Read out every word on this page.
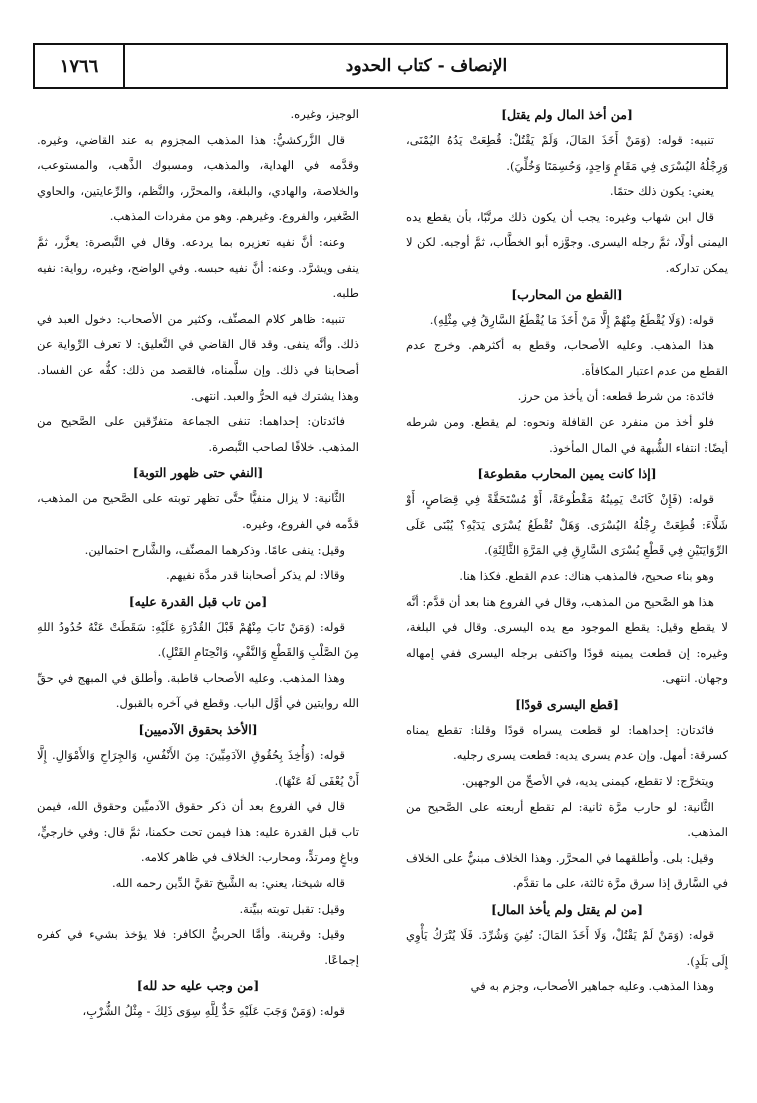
١٧٦٦	الإنصاف - كتاب الحدود
[من أخذ المال ولم يقتل]

تنبيه: قوله: (وَمَنْ أَخَذَ المَالَ، وَلَمْ يَقْتُلْ: قُطِعَتْ يَدُهُ اليُمْنَى، وَرِجْلُهُ اليُسْرَى فِي مَقَامٍ وَاحِدٍ، وَحُسِمَتَا وَخُلِّيَ).

يعني: يكون ذلك حتمًا.

قال ابن شهاب وغيره: يجب أن يكون ذلك مرتَّبًا، بأن يقطع يده اليمنى أولًا، ثمَّ رجله اليسرى. وجوَّزه أبو الخطَّاب، ثمَّ أوجبه. لكن لا يمكن تداركه.

[القطع من المحارب]

قوله: (وَلَا يُقْطَعُ مِنْهُمْ إِلَّا مَنْ أَخَذَ مَا يُقْطَعُ السَّارِقُ فِي مِثْلِهِ).

هذا المذهب. وعليه الأصحاب، وقطع به أكثرهم. وخرج عدم القطع من عدم اعتبار المكافأة.

فائدة: من شرط قطعه: أن يأخذ من حرز.

فلو أخذ من منفرد عن القافلة ونحوه: لم يقطع. ومن شرطه أيضًا: انتفاء الشُّبهة في المال المأخوذ.

[إذا كانت يمين المحارب مقطوعة]

قوله: (فَإِنْ كَانَتْ يَمِينُهُ مَقْطُوعَةً، أَوْ مُسْتَحَقَّةً فِي قِصَاصٍ، أَوْ شَلَّاءَ: قُطِعَتْ رِجْلُهُ اليُسْرَى. وَهَلْ تُقْطَعُ يُسْرَى يَدَيْهِ؟ يُبْنَى عَلَى الرِّوَايَتَيْنِ فِي قَطْعِ يُسْرَى السَّارِقِ فِي المَرَّةِ الثَّالِثَةِ).

وهو بناء صحيح، فالمذهب هناك: عدم القطع. فكذا هنا.

هذا هو الصَّحيح من المذهب، وقال في الفروع هنا بعد أن قدَّم: أنَّه لا يقطع وقيل: يقطع الموجود مع يده اليسرى. وقال في البلغة، وغيره: إن قطعت يمينه قودًا واكتفى برجله اليسرى ففي إمهاله وجهان. انتهى.

[قطع اليسرى قودًا]

فائدتان: إحداهما: لو قطعت يسراه قودًا وقلنا: تقطع يمناه كسرقة: أمهل. وإن عدم يسرى يديه: قطعت يسرى رجليه.

ويتخرَّج: لا تقطع، كيمنى يديه، في الأصحِّ من الوجهين.

الثَّانية: لو حارب مرَّة ثانية: لم تقطع أربعته على الصَّحيح من المذهب.

وقيل: بلى. وأطلقهما في المحرَّر. وهذا الخلاف مبنيٌّ على الخلاف في السَّارق إذا سرق مرَّة ثالثة، على ما تقدَّم.

[من لم يقتل ولم يأخذ المال]

قوله: (وَمَنْ لَمْ يَقْتُلْ، وَلَا أَخَذَ المَالَ: نُفِيَ وَشُرِّدَ. فَلَا يُتْرَكُ يَأْوِي إِلَى بَلَدٍ).

وهذا المذهب. وعليه جماهير الأصحاب، وجزم به في

الوجيز، وغيره.

قال الزَّركشيُّ: هذا المذهب المجزوم به عند القاضي، وغيره. وقدَّمه في الهداية، والمذهب، ومسبوك الذَّهب، والمستوعب، والخلاصة، والهادي، والبلغة، والمحرَّر، والنَّظم، والرِّعايتين، والحاوي الصَّغير، والفروع. وغيرهم. وهو من مفردات المذهب.

وعنه: أنَّ نفيه تعزيره بما يردعه. وقال في التَّبصرة: يعزَّر، ثمَّ ينفى ويشرَّد. وعنه: أنَّ نفيه حبسه. وفي الواضح، وغيره، رواية: نفيه طلبه.

تنبيه: ظاهر كلام المصنِّف، وكثير من الأصحاب: دخول العبد في ذلك. وأنَّه ينفى. وقد قال القاضي في التَّعليق: لا تعرف الرِّواية عن أصحابنا في ذلك. وإن سلَّمناه، فالقصد من ذلك: كفُّه عن الفساد. وهذا يشترك فيه الحرُّ والعبد. انتهى.

فائدتان: إحداهما: تنفى الجماعة متفرِّقين على الصَّحيح من المذهب. خلافًا لصاحب التَّبصرة.

[النفي حتى ظهور التوبة]

الثَّانية: لا يزال منفيًّا حتَّى تظهر توبته على الصَّحيح من المذهب، قدَّمه في الفروع، وغيره.

وقيل: ينفى عامًا. وذكرهما المصنِّف، والشَّارح احتمالين.

وقالا: لم يذكر أصحابنا قدر مدَّة نفيهم.

[من تاب قبل القدرة عليه]

قوله: (وَمَنْ تَابَ مِنْهُمْ قَبْلَ القُدْرَةِ عَلَيْهِ: سَقَطَتْ عَنْهُ حُدُودُ اللهِ مِنَ الصَّلْبِ وَالقَطْعِ وَالنَّفْيِ، وَانْحِتَامِ القَتْلِ).

وهذا المذهب. وعليه الأصحاب قاطبة. وأطلق في المبهج في حقِّ الله روايتين في أوَّل الباب. وقطع في آخره بالقبول.

[الأخذ بحقوق الآدميين]

قوله: (وَأُخِذَ بِحُقُوقِ الآدَمِيِّينَ: مِنَ الأَنْفُسِ، وَالجِرَاحِ وَالأَمْوَالِ. إِلَّا أَنْ يُعْفَى لَهُ عَنْهَا).

قال في الفروع بعد أن ذكر حقوق الآدميِّين وحقوق الله، فيمن تاب قبل القدرة عليه: هذا فيمن تحت حكمنا، ثمَّ قال: وفي خارجيٍّ، وباغٍ ومرتدٍّ، ومحارب: الخلاف في ظاهر كلامه.

قاله شيخنا، يعني: به الشَّيخ تقيَّ الدِّين رحمه الله.

وقيل: تقبل توبته ببيِّنة.

وقيل: وقرينة. وأمَّا الحربيُّ الكافر: فلا يؤخذ بشيء في كفره إجماعًا.

[من وجب عليه حد لله]

قوله: (وَمَنْ وَجَبَ عَلَيْهِ حَدٌّ لِلَّهِ سِوَى ذَلِكَ - مِثْلُ الشُّرْبِ،
